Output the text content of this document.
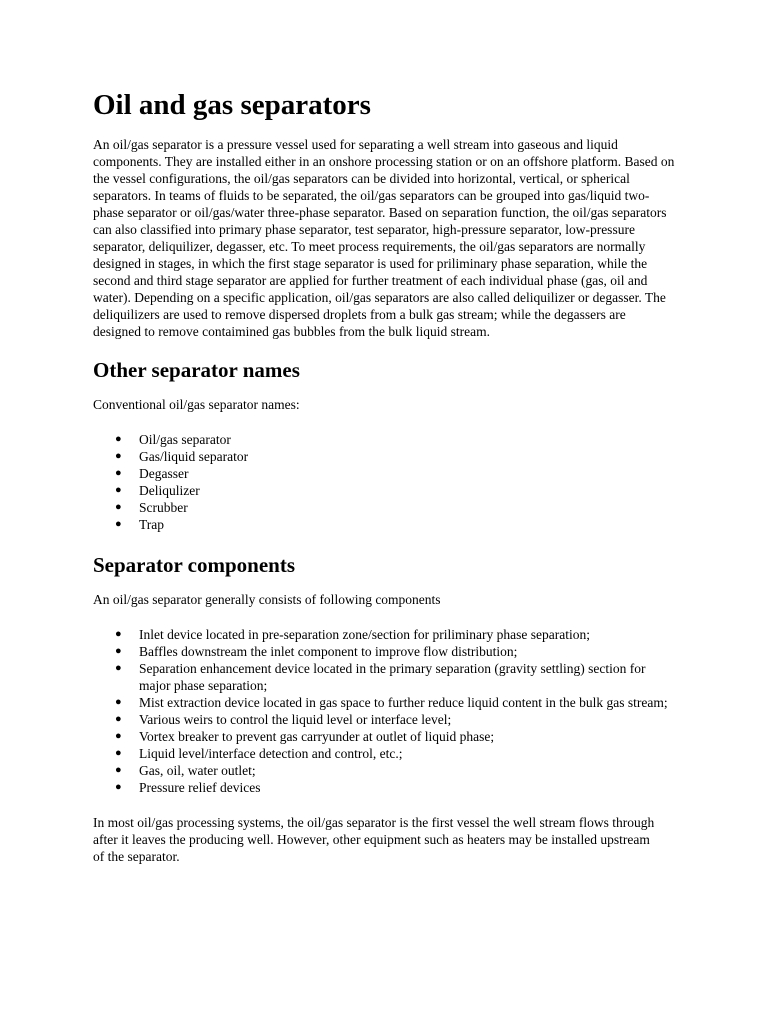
Oil and gas separators

An oil/gas separator is a pressure vessel used for separating a well stream into gaseous and liquid components. They are installed either in an onshore processing station or on an offshore platform. Based on the vessel configurations, the oil/gas separators can be divided into horizontal, vertical, or spherical separators. In teams of fluids to be separated, the oil/gas separators can be grouped into gas/liquid two-phase separator or oil/gas/water three-phase separator. Based on separation function, the oil/gas separators can also classified into primary phase separator, test separator, high-pressure separator, low-pressure separator, deliquilizer, degasser, etc. To meet process requirements, the oil/gas separators are normally designed in stages, in which the first stage separator is used for priliminary phase separation, while the second and third stage separator are applied for further treatment of each individual phase (gas, oil and water). Depending on a specific application, oil/gas separators are also called deliquilizer or degasser. The deliquilizers are used to remove dispersed droplets from a bulk gas stream; while the degassers are designed to remove contaimined gas bubbles from the bulk liquid stream.

Other separator names

Conventional oil/gas separator names:

● Oil/gas separator
● Gas/liquid separator
● Degasser
● Deliqulizer
● Scrubber
● Trap
Separator components

An oil/gas separator generally consists of following components

● Inlet device located in pre-separation zone/section for priliminary phase separation;
● Baffles downstream the inlet component to improve flow distribution;
● Separation enhancement device located in the primary separation (gravity settling) section for major phase separation;
● Mist extraction device located in gas space to further reduce liquid content in the bulk gas stream;
● Various weirs to control the liquid level or interface level;
● Vortex breaker to prevent gas carryunder at outlet of liquid phase;
● Liquid level/interface detection and control, etc.;
● Gas, oil, water outlet;
● Pressure relief devices

In most oil/gas processing systems, the oil/gas separator is the first vessel the well stream flows through after it leaves the producing well. However, other equipment such as heaters may be installed upstream of the separator.
